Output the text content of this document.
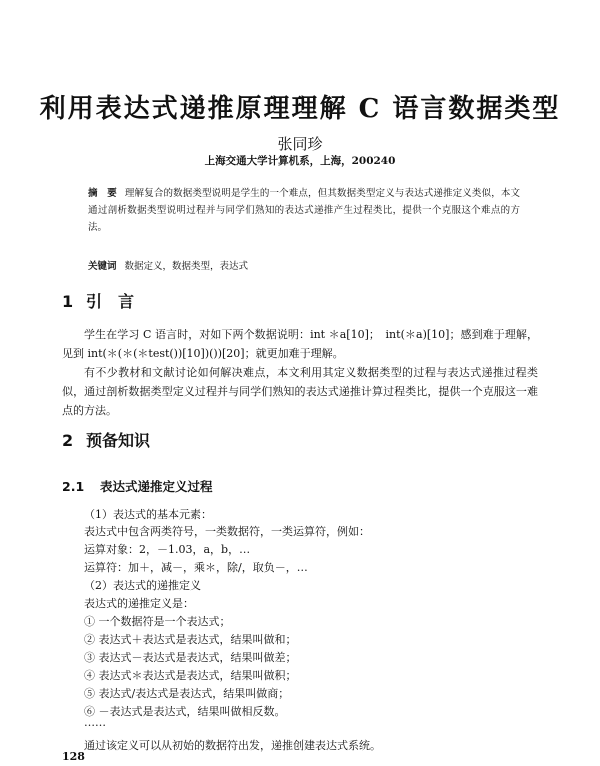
利用表达式递推原理理解 C 语言数据类型
张同珍
上海交通大学计算机系，上海，200240
摘　要 理解复合的数据类型说明是学生的一个难点，但其数据类型定义与表达式递推定义类似，本文通过剖析数据类型说明过程并与同学们熟知的表达式递推产生过程类比，提供一个克服这个难点的方法。
关键词 数据定义，数据类型，表达式
1 引　言
学生在学习 C 语言时，对如下两个数据说明：int ＊a[10]；　int(＊a)[10]；感到难于理解，见到 int(＊(＊(＊test())[10])())[20]；就更加难于理解。
有不少教材和文献讨论如何解决难点，本文利用其定义数据类型的过程与表达式递推过程类似，通过剖析数据类型定义过程并与同学们熟知的表达式递推计算过程类比，提供一个克服这一难点的方法。
2 预备知识
2.1 表达式递推定义过程
（1）表达式的基本元素：
表达式中包含两类符号，一类数据符，一类运算符，例如：
运算对象：2，－1.03，a，b，…
运算符：加＋，减－，乘＊，除/，取负－，…
（2）表达式的递推定义
表达式的递推定义是：
① 一个数据符是一个表达式；
② 表达式＋表达式是表达式，结果叫做和；
③ 表达式－表达式是表达式，结果叫做差；
④ 表达式＊表达式是表达式，结果叫做积；
⑤ 表达式/表达式是表达式，结果叫做商；
⑥ －表达式是表达式，结果叫做相反数。
……
通过该定义可以从初始的数据符出发，递推创建表达式系统。
128
